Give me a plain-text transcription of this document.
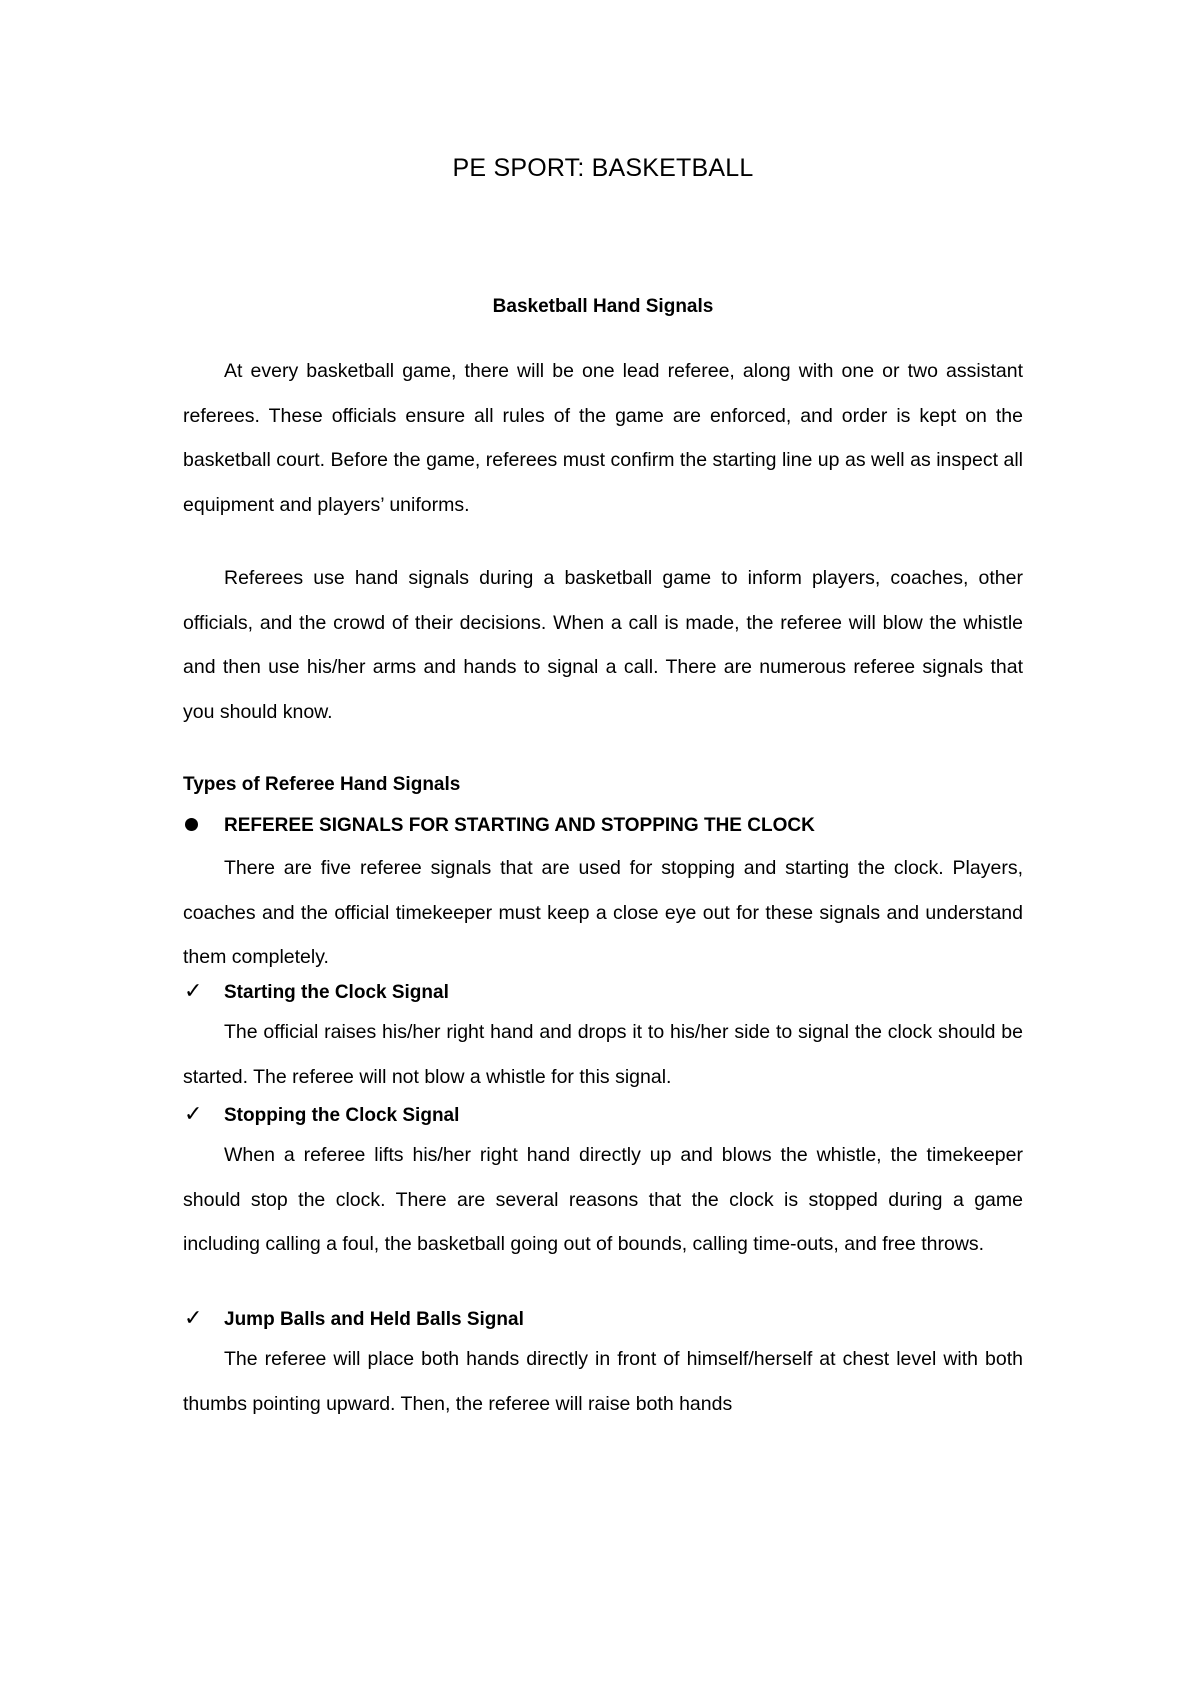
PE SPORT: BASKETBALL
Basketball Hand Signals

At every basketball game, there will be one lead referee, along with one or two assistant referees. These officials ensure all rules of the game are enforced, and order is kept on the basketball court. Before the game, referees must confirm the starting line up as well as inspect all equipment and players’ uniforms.

Referees use hand signals during a basketball game to inform players, coaches, other officials, and the crowd of their decisions. When a call is made, the referee will blow the whistle and then use his/her arms and hands to signal a call. There are numerous referee signals that you should know.

Types of Referee Hand Signals

REFEREE SIGNALS FOR STARTING AND STOPPING THE CLOCK

There are five referee signals that are used for stopping and starting the clock. Players, coaches and the official timekeeper must keep a close eye out for these signals and understand them completely.

✓ Starting the Clock Signal

The official raises his/her right hand and drops it to his/her side to signal the clock should be started. The referee will not blow a whistle for this signal.

✓ Stopping the Clock Signal

When a referee lifts his/her right hand directly up and blows the whistle, the timekeeper should stop the clock. There are several reasons that the clock is stopped during a game including calling a foul, the basketball going out of bounds, calling time-outs, and free throws.

✓ Jump Balls and Held Balls Signal

The referee will place both hands directly in front of himself/herself at chest level with both thumbs pointing upward. Then, the referee will raise both hands
